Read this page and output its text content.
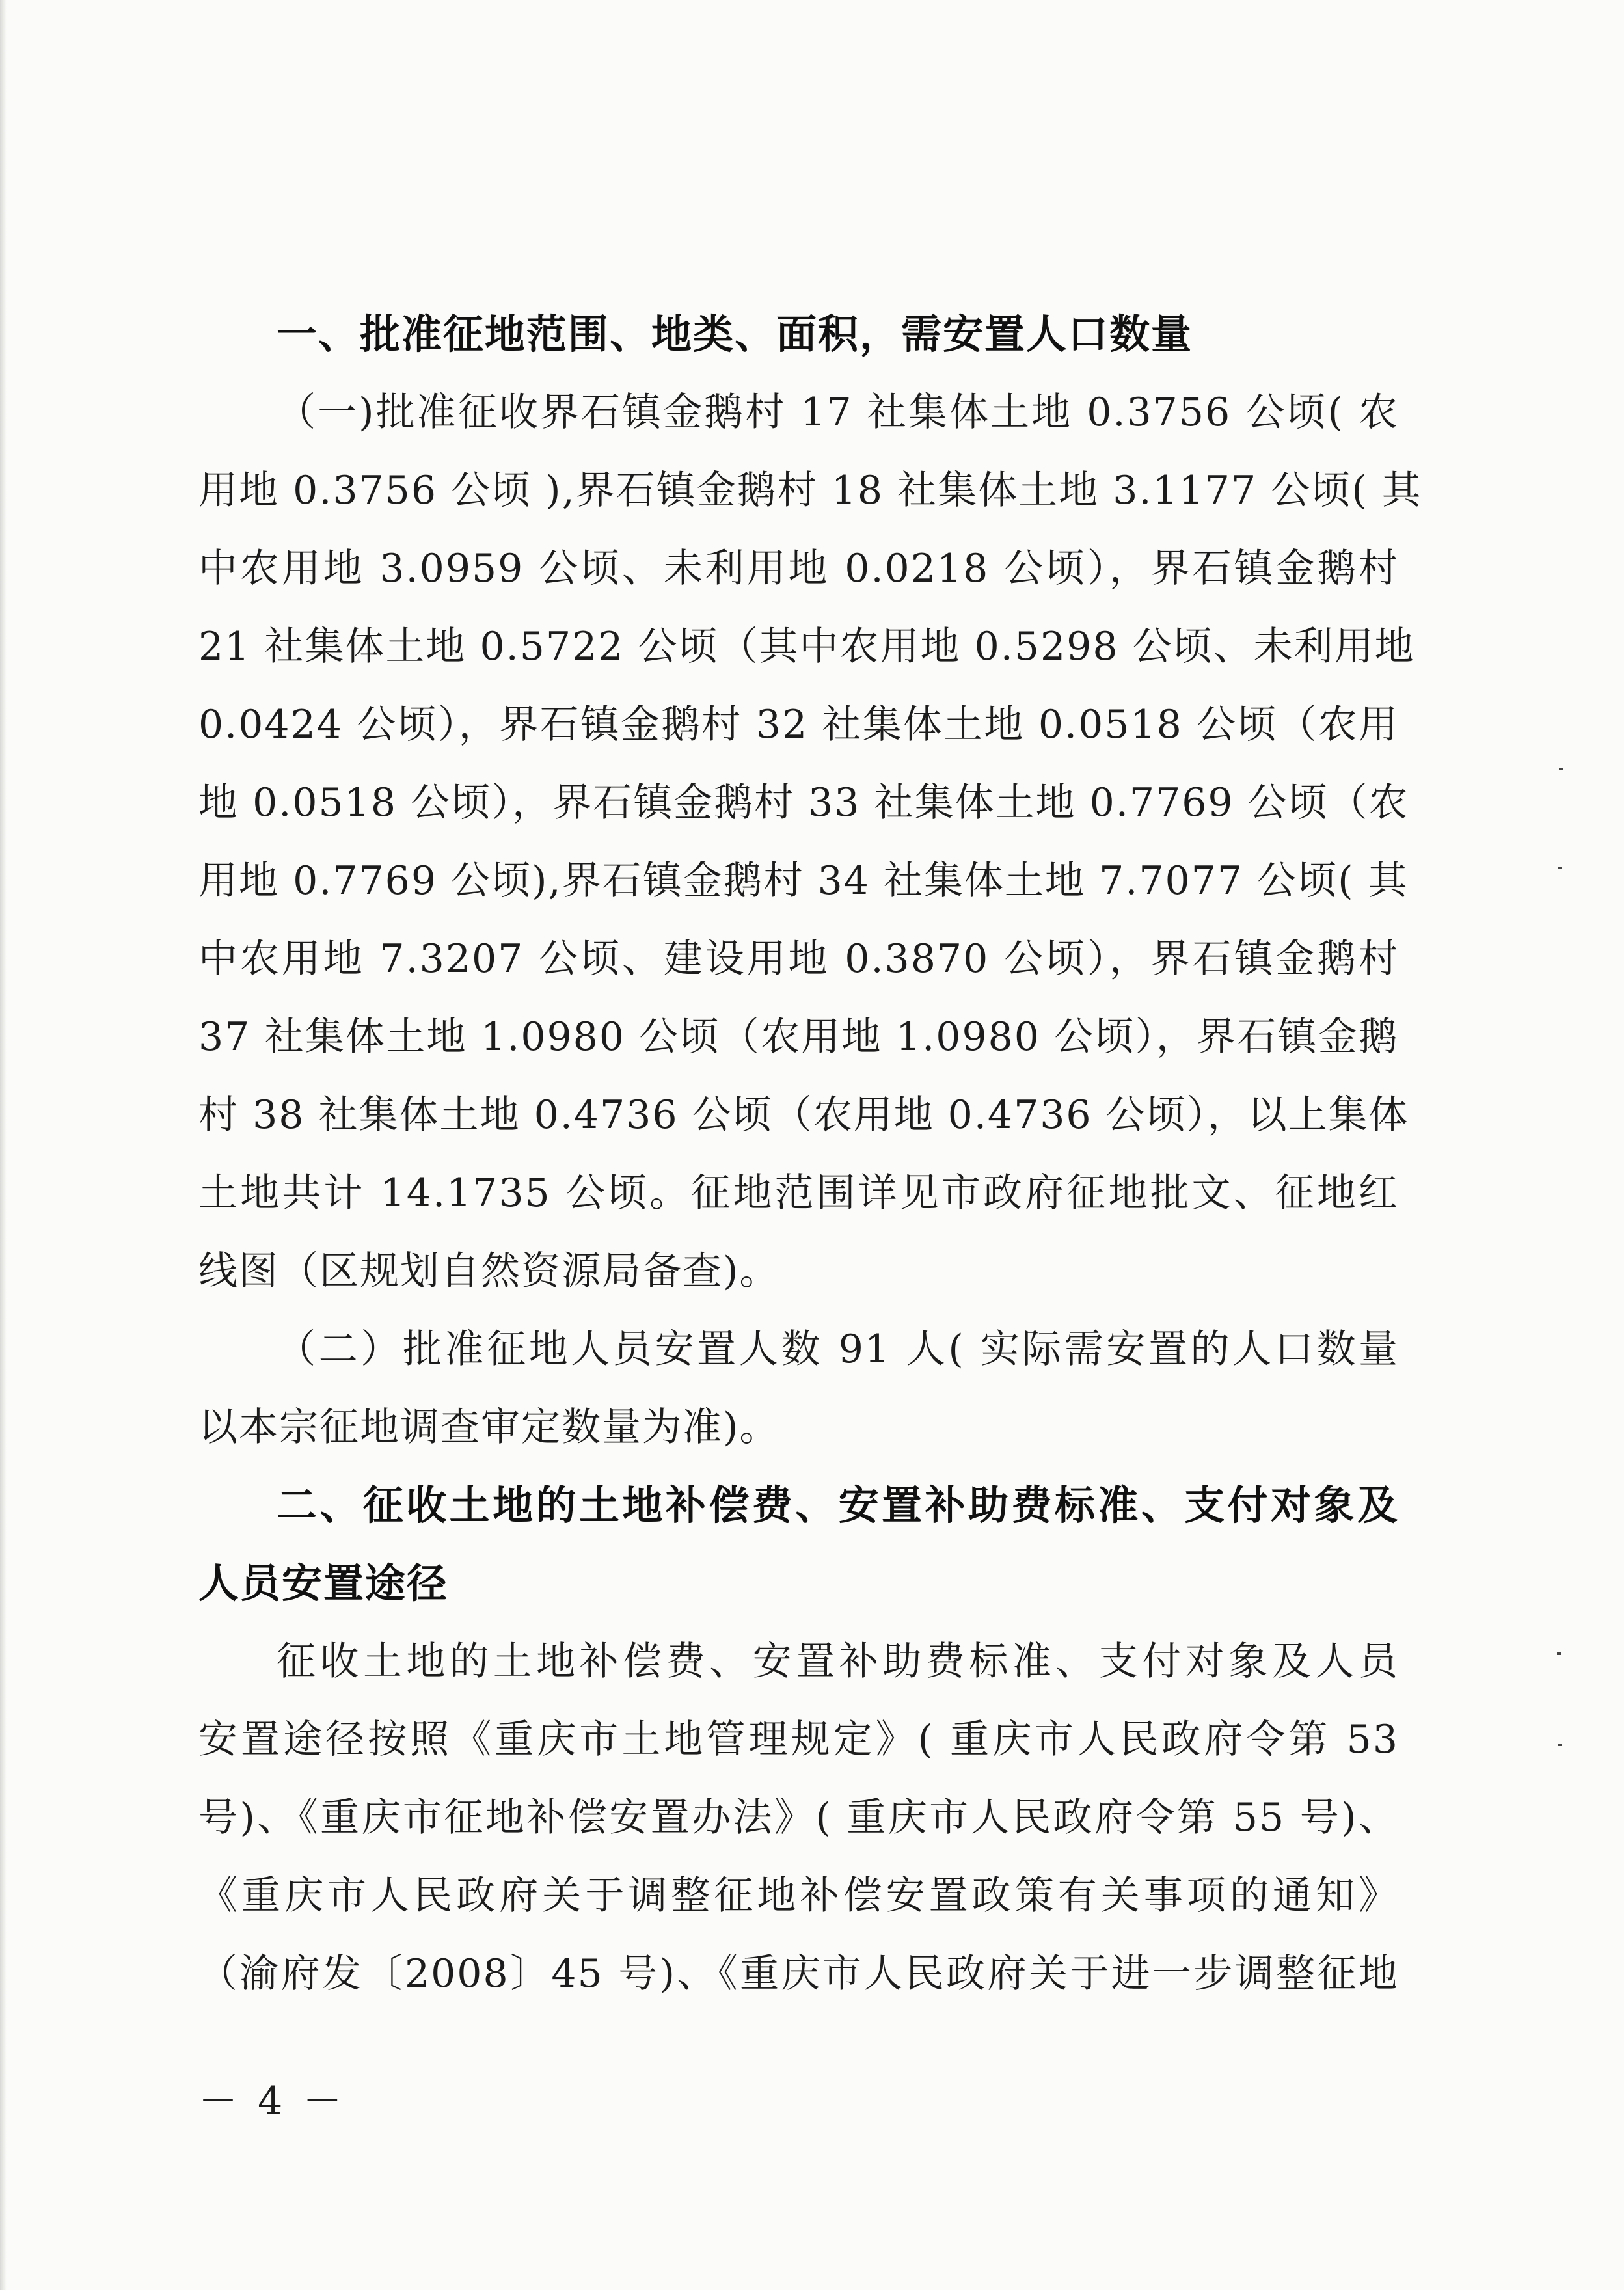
一、批准征地范围、地类、面积，需安置人口数量
（一)批准征收界石镇金鹅村 17 社集体土地 0.3756 公顷( 农
用地 0.3756 公顷 ),界石镇金鹅村 18 社集体土地 3.1177 公顷( 其
中农用地 3.0959 公顷、未利用地 0.0218 公顷），界石镇金鹅村
21 社集体土地 0.5722 公顷（其中农用地 0.5298 公顷、未利用地
0.0424 公顷），界石镇金鹅村 32 社集体土地 0.0518 公顷（农用
地 0.0518 公顷），界石镇金鹅村 33 社集体土地 0.7769 公顷（农
用地 0.7769 公顷),界石镇金鹅村 34 社集体土地 7.7077 公顷( 其
中农用地 7.3207 公顷、建设用地 0.3870 公顷），界石镇金鹅村
37 社集体土地 1.0980 公顷（农用地 1.0980 公顷），界石镇金鹅
村 38 社集体土地 0.4736 公顷（农用地 0.4736 公顷），以上集体
土地共计 14.1735 公顷。征地范围详见市政府征地批文、征地红
线图（区规划自然资源局备查)。
（二）批准征地人员安置人数 91 人( 实际需安置的人口数量
以本宗征地调查审定数量为准)。
二、征收土地的土地补偿费、安置补助费标准、支付对象及
人员安置途径
征收土地的土地补偿费、安置补助费标准、支付对象及人员
安置途径按照《重庆市土地管理规定》( 重庆市人民政府令第 53
号)、《重庆市征地补偿安置办法》( 重庆市人民政府令第 55 号)、
《重庆市人民政府关于调整征地补偿安置政策有关事项的通知》
（渝府发〔2008〕45 号)、《重庆市人民政府关于进一步调整征地
－ 4 －
